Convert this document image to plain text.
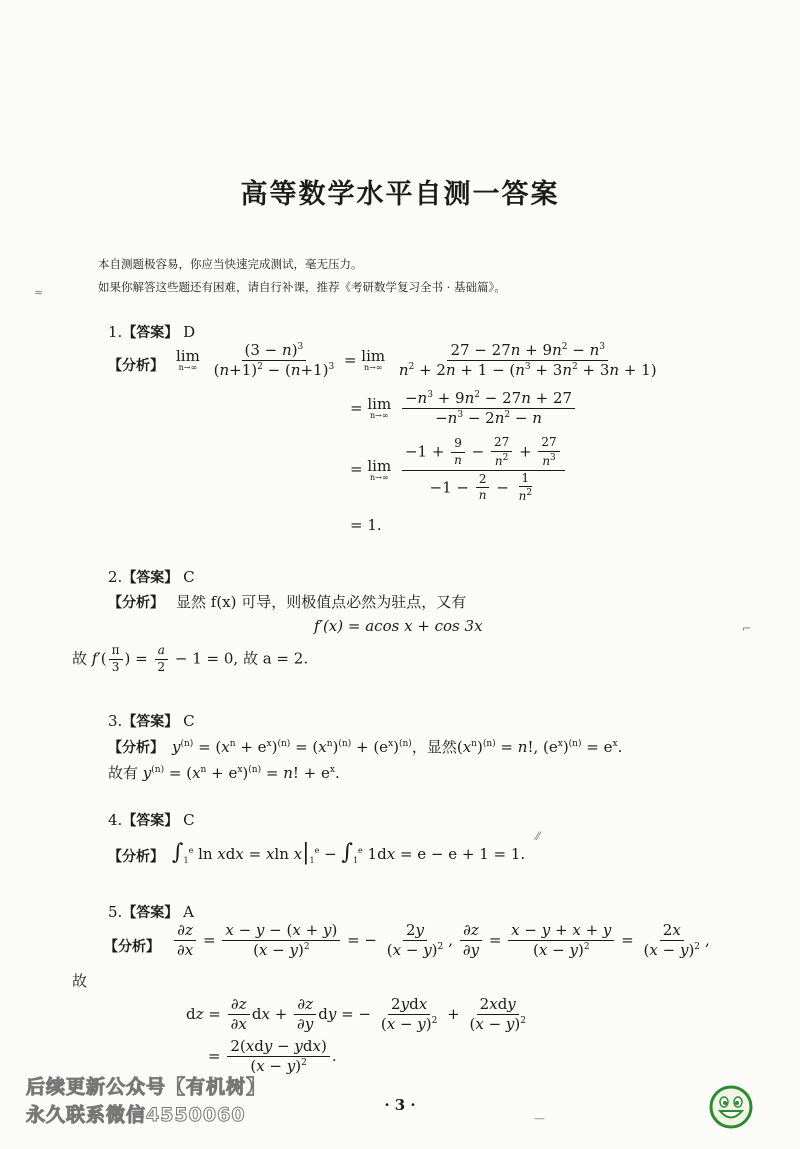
高等数学水平自测一答案
本自测题极容易，你应当快速完成测试，毫无压力。
≈	如果你解答这些题还有困难，请自行补课，推荐《考研数学复习全书 · 基础篇》。
1.【答案】 D
【分析】
lim
n→∞
$\frac{(3 - n)^3}{(n+1)^2 - (n+1)^3} = \lim$
n→∞
$\frac{27 - 27n + 9n^2 - n^3}{n^2 + 2n + 1 - (n^3 + 3n^2 + 3n + 1)}$
= lim
n→∞
$\frac{-n^3 + 9n^2 - 27n + 27}{-n^3 - 2n^2 - n}$
= lim
n→∞
$\frac{-1 + \frac{9}{n} - \frac{27}{n^2} + \frac{27}{n^3}}{-1 - \frac{2}{n} - \frac{1}{n^2}}$
= 1.
2.【答案】 C
【分析】 显然 f(x) 可导，则极值点必然为驻点，又有
f′(x) = acos x + cos 3x
故 $f'( \frac{\pi}{3}$ ) = $\frac{a}{2} - 1 = 0$, 故 a = 2.
⌐
3.【答案】 C
【分析】 $y^{(n)} = (x^n + e^x)^{(n)} = (x^n)^{(n)} + (e^x)^{(n)}$，显然$(x^n)^{(n)} = n$!, $(e^x)^{(n)} = e^x$.
故有 $y^{(n)} = (x^n + e^x)^{(n)} = n$! + $e^x$.
4.【答案】 C
【分析】 $\int_1^e$ ln xdx = xln $x|_1^e - \int_1^e$ 1dx = e − e + 1 = 1.
⁄⁄
5.【答案】 A
【分析】 $\frac{\partial z}{\partial x} = \frac{x - y - (x + y)}{(x - y)^2}$ = − $\frac{2y}{(x - y)^2}$ , $\frac{\partial z}{\partial y} = \frac{x - y + x + y}{(x - y)^2} = \frac{2x}{(x - y)^2}$ ,
故
dz = $\frac{\partial z}{\partial x}$ dx + $\frac{\partial z}{\partial y}$ dy = − $\frac{\text{2ydx}}{(x - y)^2} + \frac{\text{2xdy}}{(x - y)^2}$
= $\frac{\text{2(xdy − ydx)}}{(x - y)^2}$ .
· 3 ·
—
后续更新公众号【有机树】
永久联系微信4550060
